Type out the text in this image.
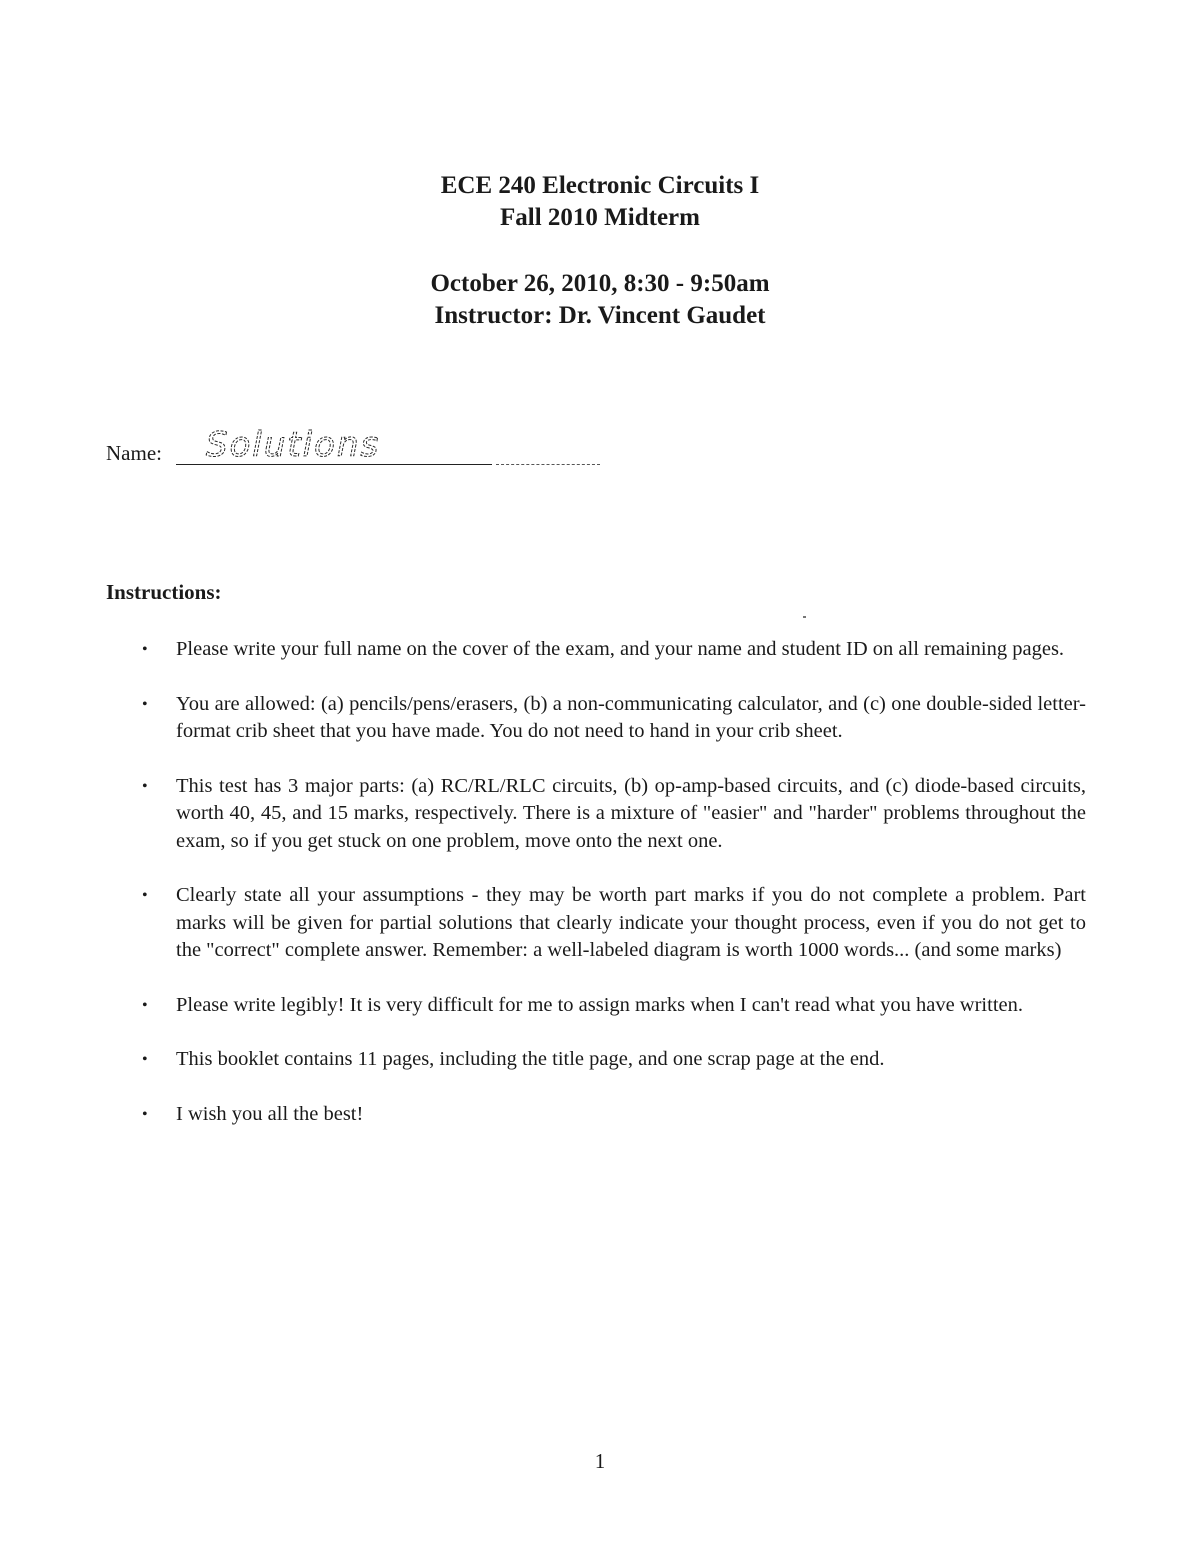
ECE 240 Electronic Circuits I
Fall 2010 Midterm
October 26, 2010, 8:30 - 9:50am
Instructor: Dr. Vincent Gaudet
Name: Solutions
Instructions:
• Please write your full name on the cover of the exam, and your name and student ID on all remaining pages.
• You are allowed: (a) pencils/pens/erasers, (b) a non-communicating calculator, and (c) one double-sided letter-format crib sheet that you have made. You do not need to hand in your crib sheet.
• This test has 3 major parts: (a) RC/RL/RLC circuits, (b) op-amp-based circuits, and (c) diode-based circuits, worth 40, 45, and 15 marks, respectively. There is a mixture of "easier" and "harder" problems throughout the exam, so if you get stuck on one problem, move onto the next one.
• Clearly state all your assumptions - they may be worth part marks if you do not complete a problem. Part marks will be given for partial solutions that clearly indicate your thought process, even if you do not get to the "correct" complete answer. Remember: a well-labeled diagram is worth 1000 words... (and some marks)
• Please write legibly! It is very difficult for me to assign marks when I can't read what you have written.
• This booklet contains 11 pages, including the title page, and one scrap page at the end.
• I wish you all the best!
1
